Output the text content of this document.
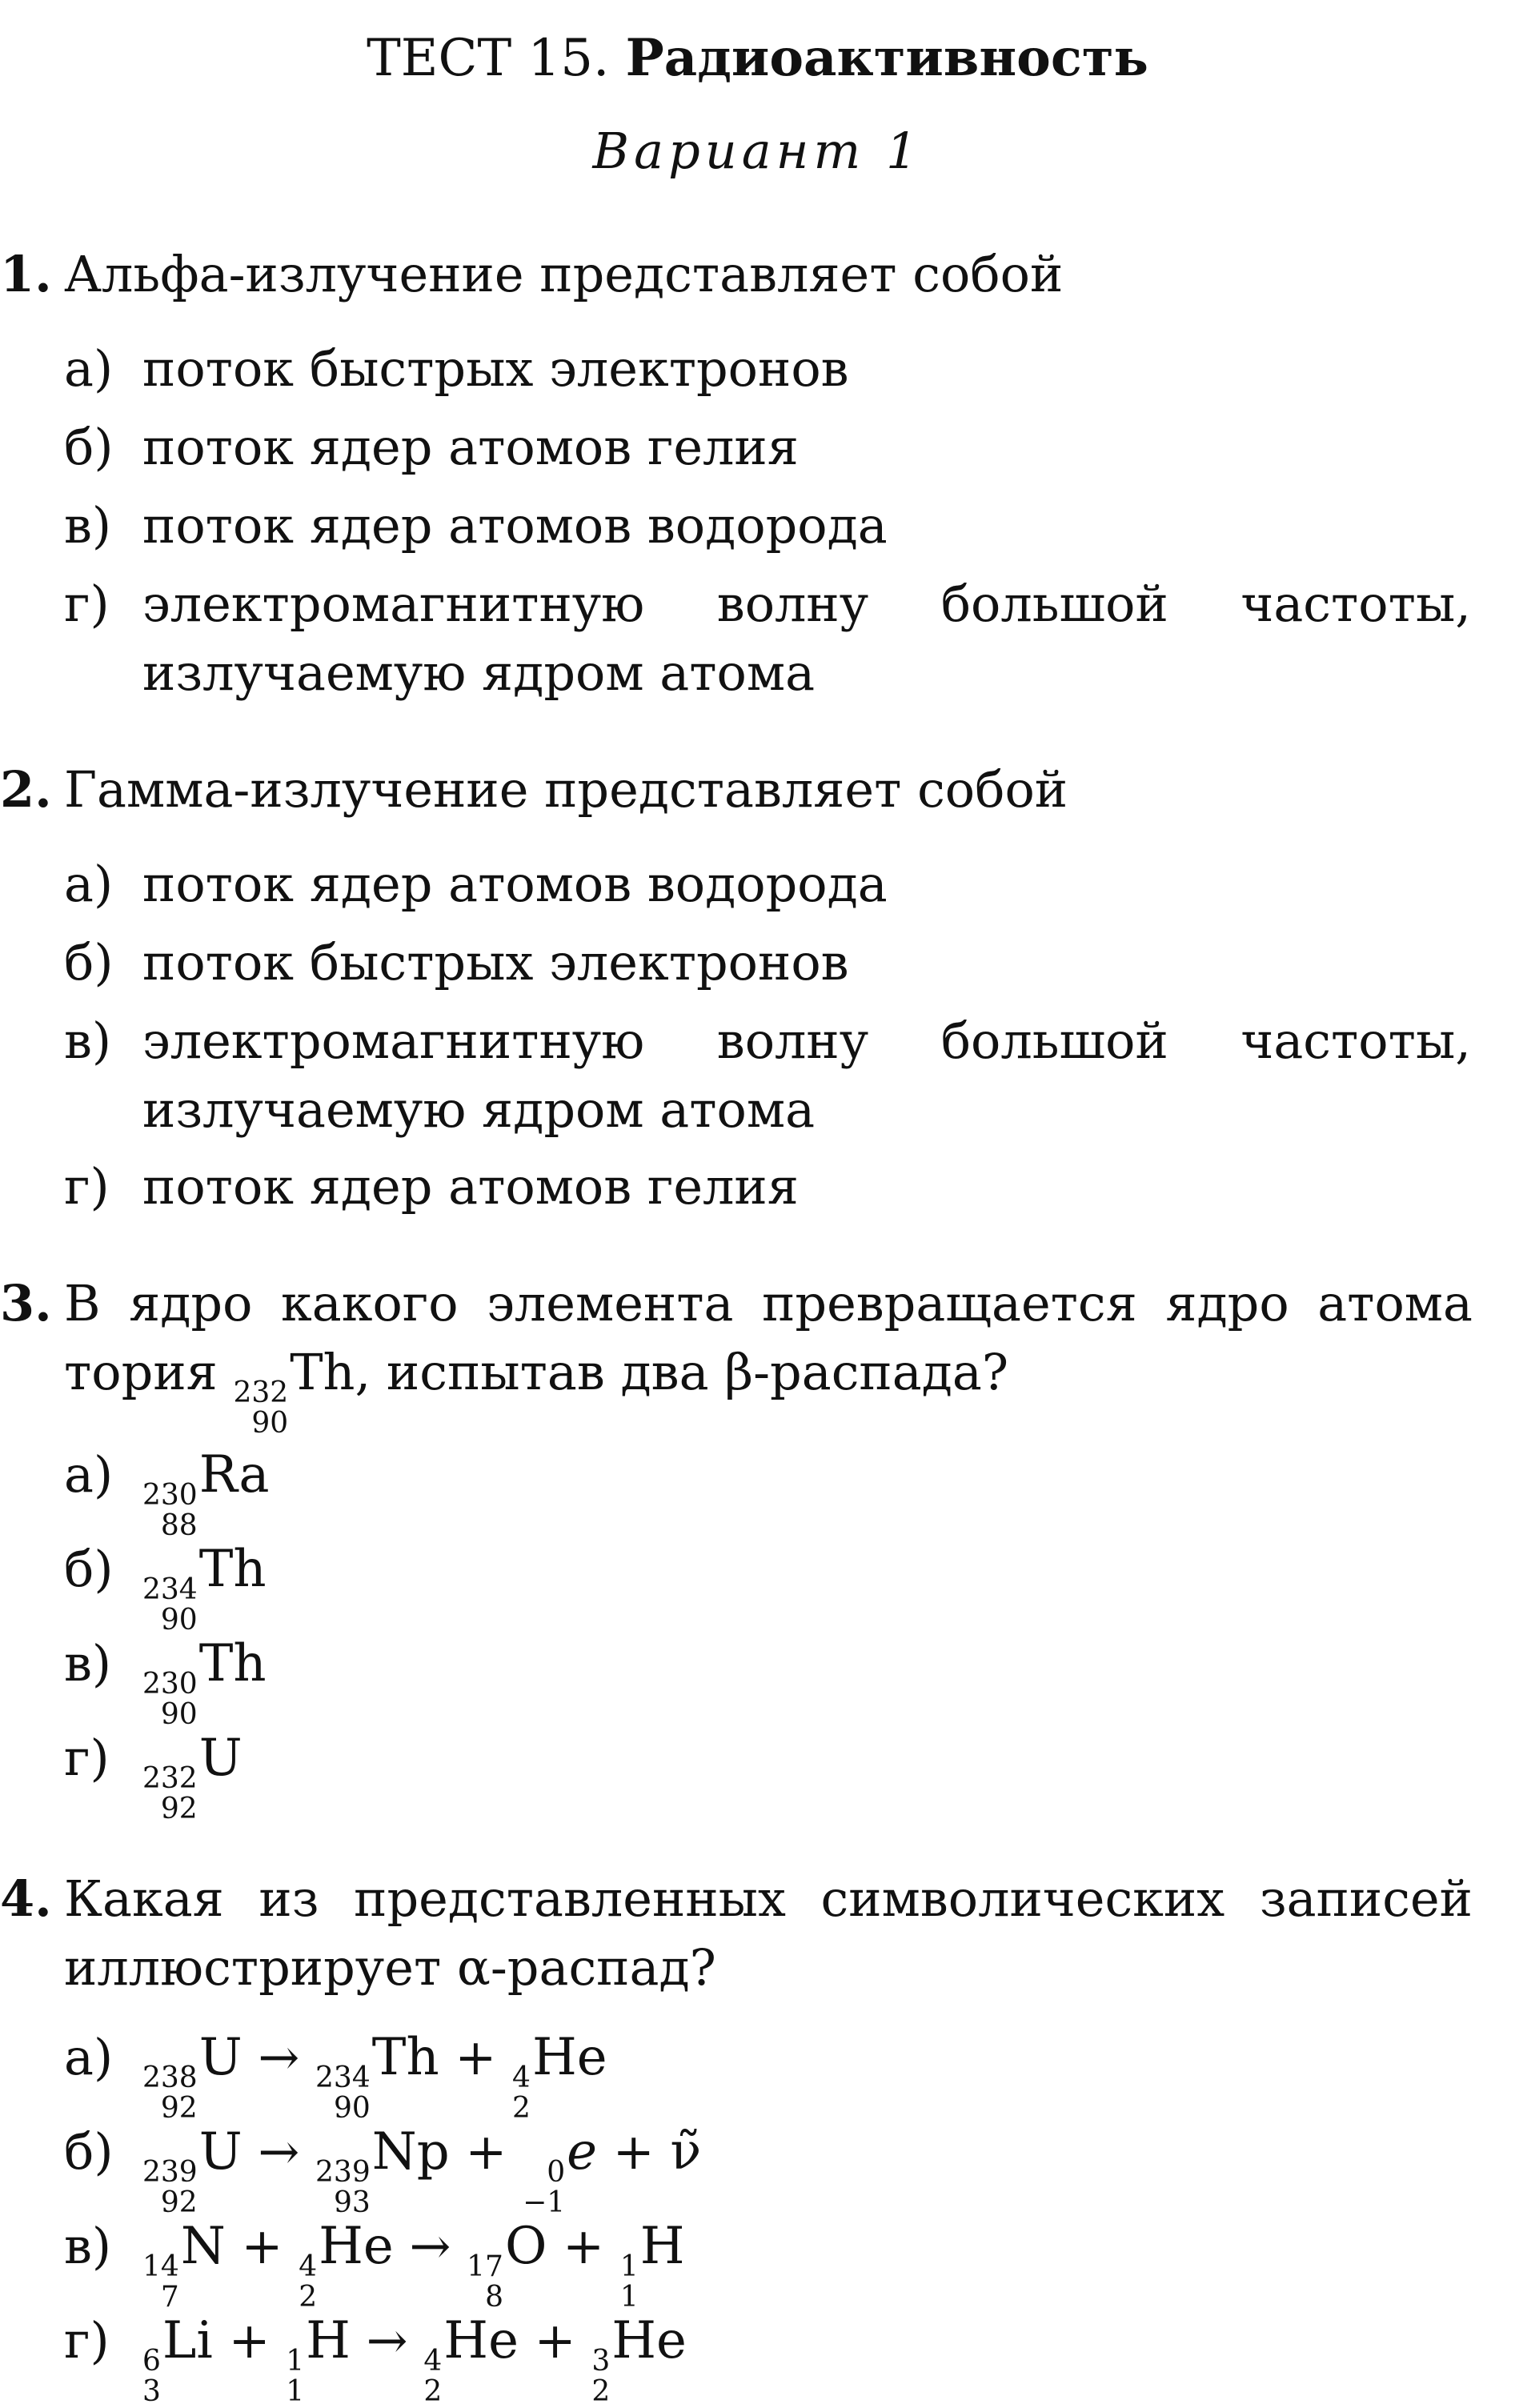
ТЕСТ 15. Радиоактивность
Вариант 1
1. Альфа-излучение представляет собой
а) поток быстрых электронов
б) поток ядер атомов гелия
в) поток ядер атомов водорода
г) электромагнитную волну большой частоты, излучаемую ядром атома
2. Гамма-излучение представляет собой
а) поток ядер атомов водорода
б) поток быстрых электронов
в) электромагнитную волну большой частоты, излучаемую ядром атома
г) поток ядер атомов гелия
3. В ядро какого элемента превращается ядро атома тория 232
90
Th, испытав два β-распада?
а) 230
88
Ra
б) 234
90
Th
в) 230
90
Th
г) 232
92
U
4. Какая из представленных символических записей иллюстрирует α-распад?
а) 238
92
U → 234
90
Th + 4
2
He
б) 239
92
U → 239
93
Np + 0
−1
e + ν̃
в) 14
7
N + 4
2
He → 17
8
O + 1
1
H
г) 6
3
Li + 1
1
H → 4
2
He + 3
2
He
